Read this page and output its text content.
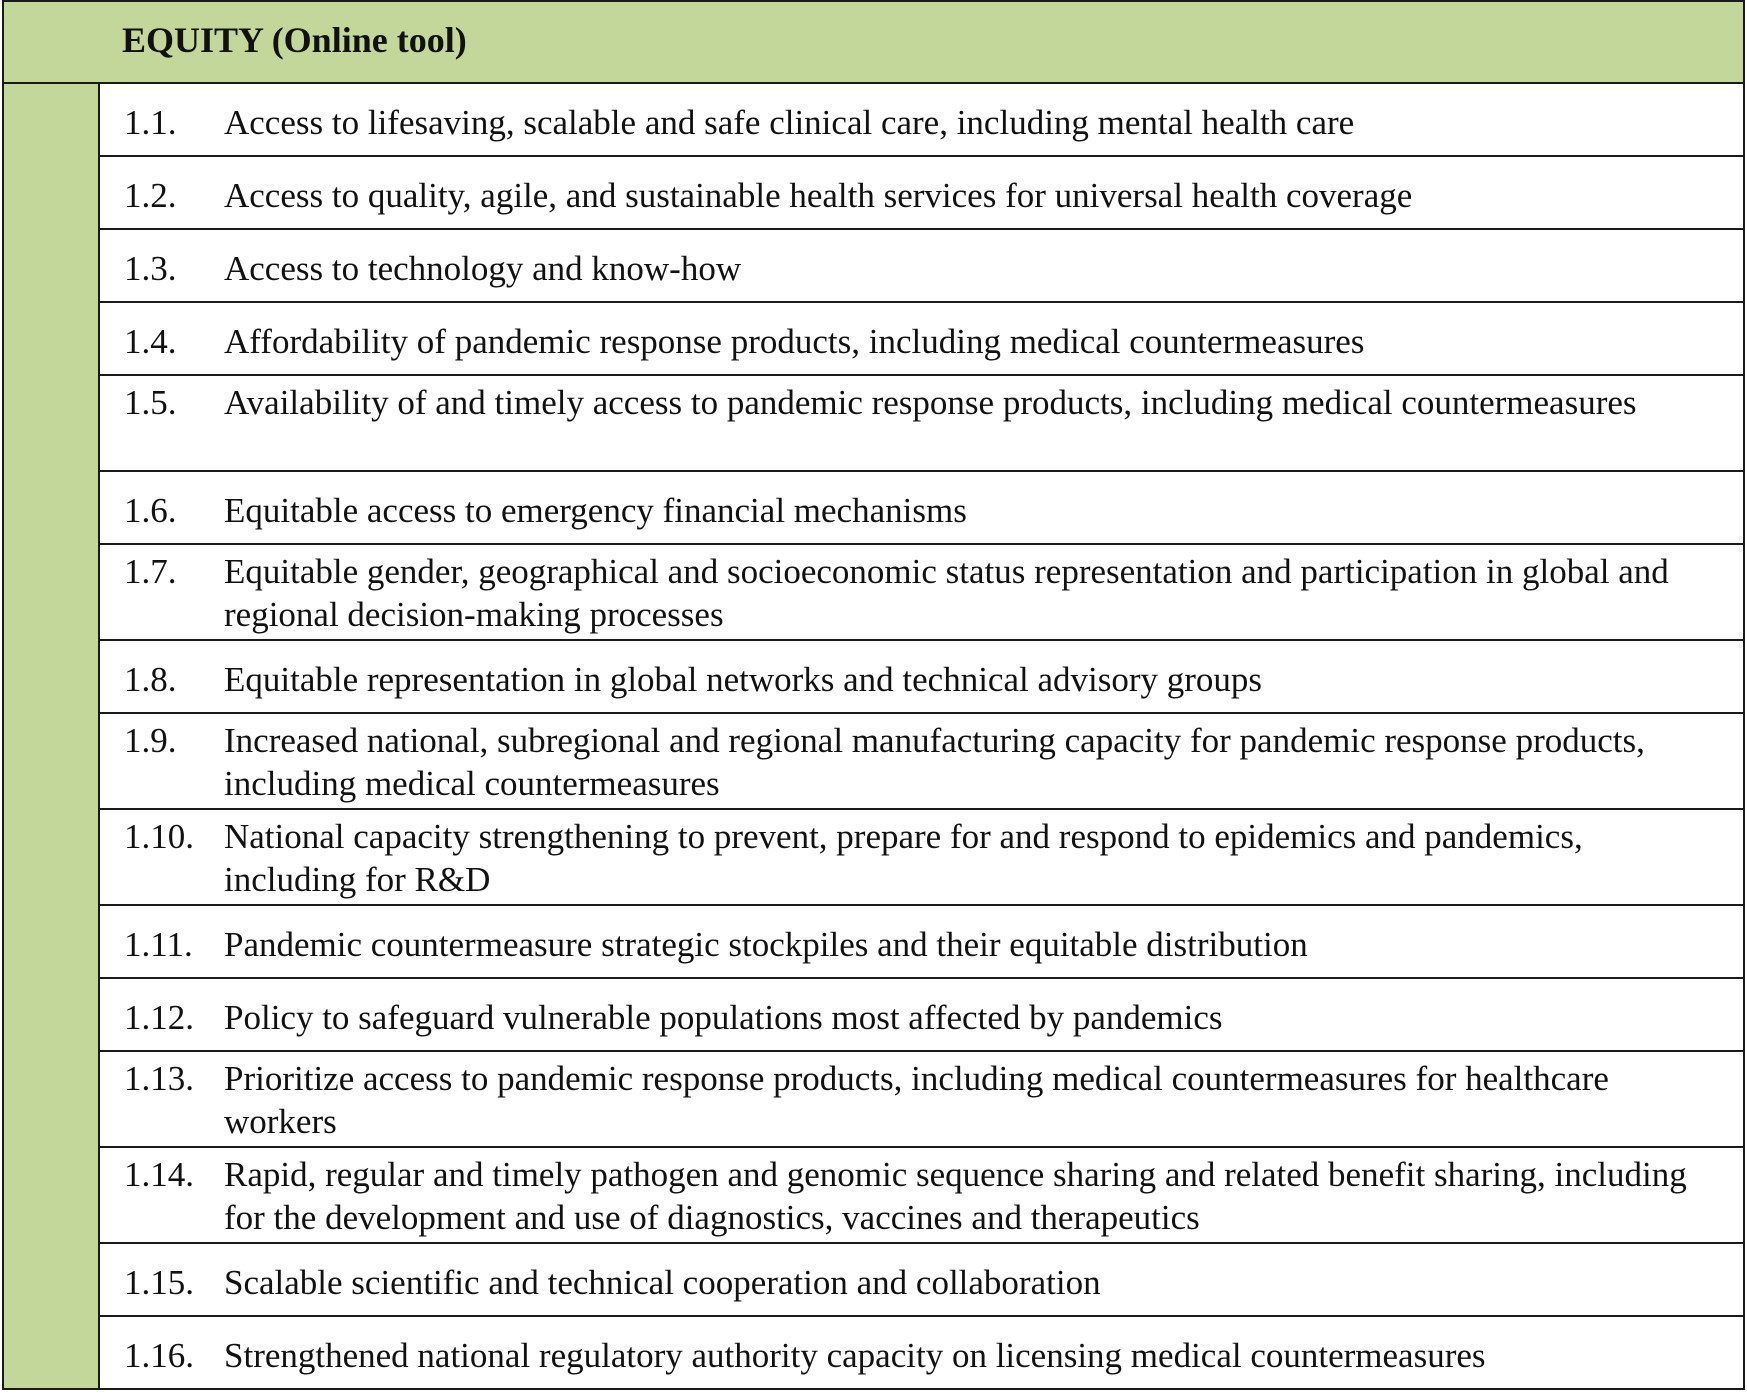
EQUITY (Online tool)
1.1. Access to lifesaving, scalable and safe clinical care, including mental health care
1.2. Access to quality, agile, and sustainable health services for universal health coverage
1.3. Access to technology and know-how
1.4. Affordability of pandemic response products, including medical countermeasures
1.5. Availability of and timely access to pandemic response products, including medical countermeasures
1.6. Equitable access to emergency financial mechanisms
1.7. Equitable gender, geographical and socioeconomic status representation and participation in global and regional decision-making processes
1.8. Equitable representation in global networks and technical advisory groups
1.9. Increased national, subregional and regional manufacturing capacity for pandemic response products, including medical countermeasures
1.10. National capacity strengthening to prevent, prepare for and respond to epidemics and pandemics, including for R&D
1.11. Pandemic countermeasure strategic stockpiles and their equitable distribution
1.12. Policy to safeguard vulnerable populations most affected by pandemics
1.13. Prioritize access to pandemic response products, including medical countermeasures for healthcare workers
1.14. Rapid, regular and timely pathogen and genomic sequence sharing and related benefit sharing, including for the development and use of diagnostics, vaccines and therapeutics
1.15. Scalable scientific and technical cooperation and collaboration
1.16. Strengthened national regulatory authority capacity on licensing medical countermeasures
